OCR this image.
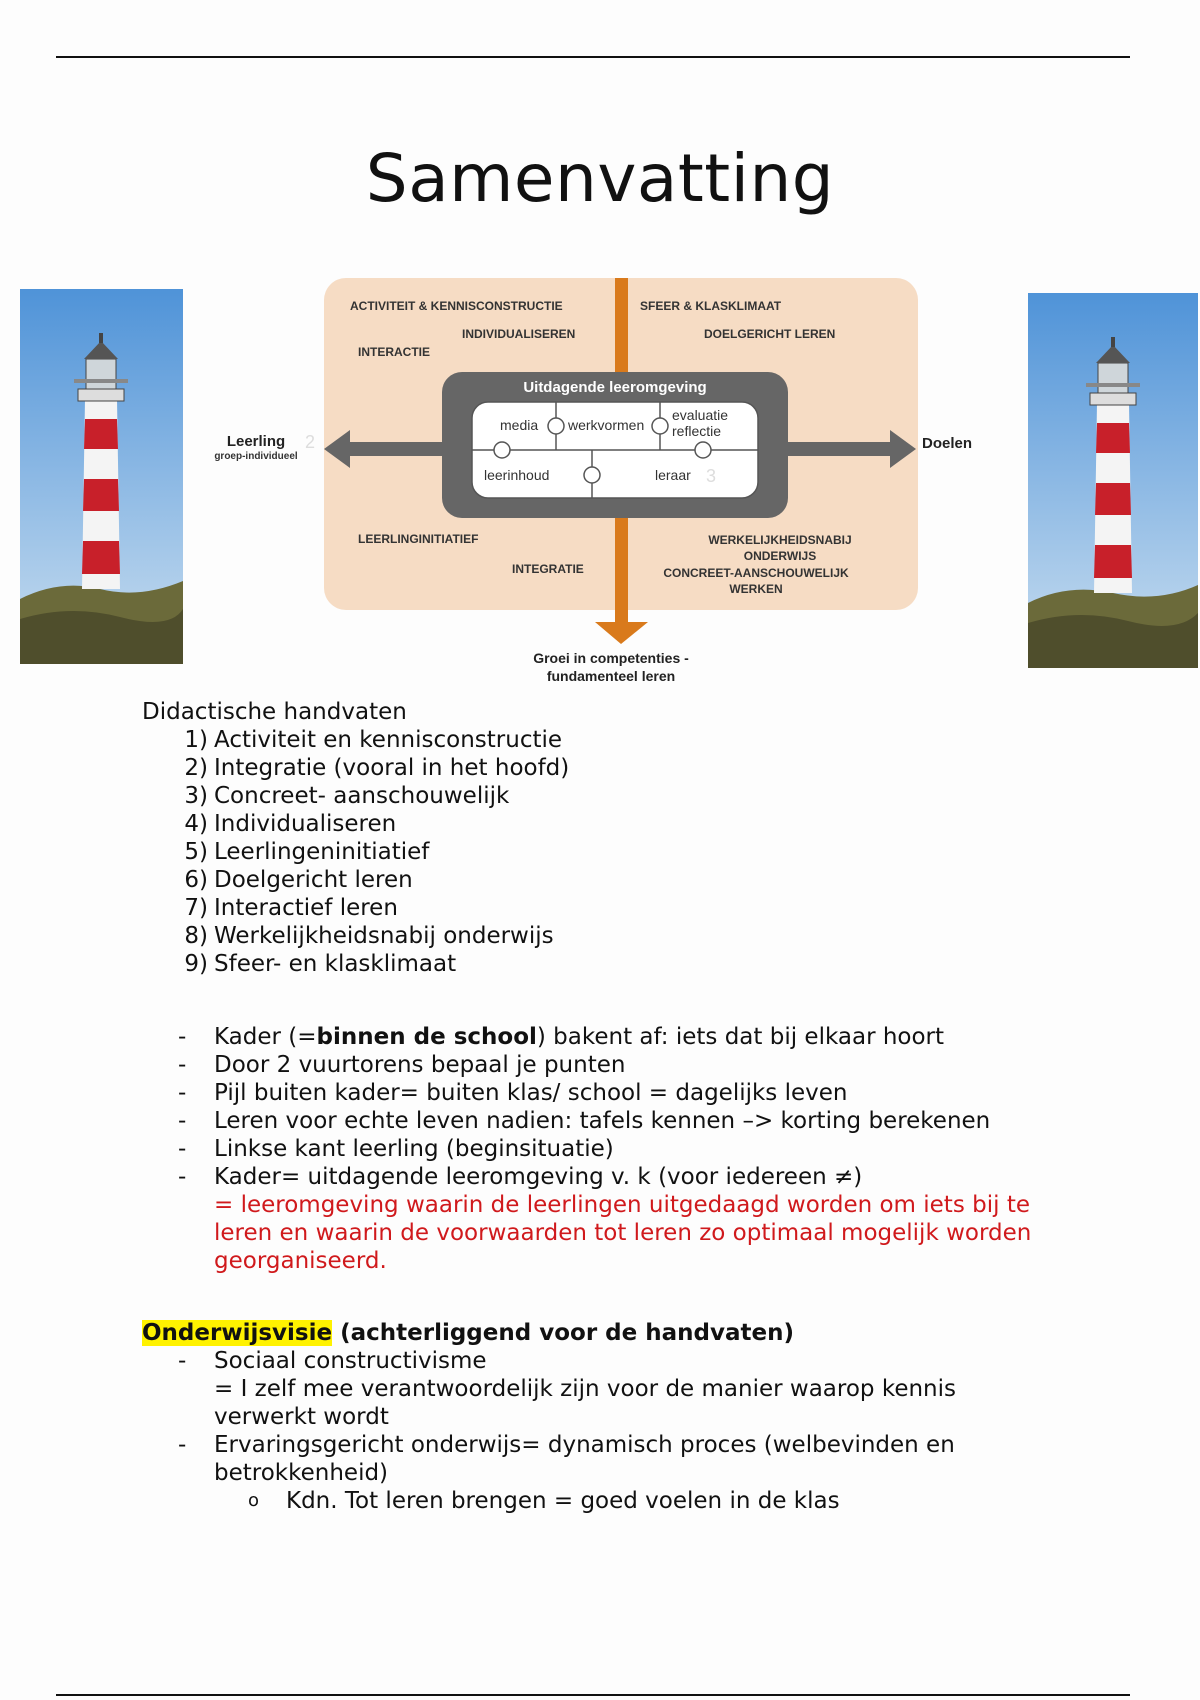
Samenvatting
Uitdagende leeromgeving
media werkvormen
evaluatie
reflectie
leerinhoud	leraar 3
ACTIVITEIT & KENNISCONSTRUCTIE
INDIVIDUALISEREN
INTERACTIE
SFEER & KLASKLIMAAT
DOELGERICHT LEREN
LEERLINGINITIATIEF
INTEGRATIE
WERKELIJKHEIDSNABIJ
ONDERWIJS
CONCREET-AANSCHOUWELIJK
WERKEN
Leerling
groep-individueel
2	Doelen
Groei in competenties -
fundamenteel leren

Didactische handvaten

1) Activiteit en kennisconstructie
2) Integratie (vooral in het hoofd)
3) Concreet- aanschouwelijk
4) Individualiseren
5) Leerlingeninitiatief
6) Doelgericht leren
7) Interactief leren
8) Werkelijkheidsnabij onderwijs
9) Sfeer- en klasklimaat
-	Kader (=binnen de school) bakent af: iets dat bij elkaar hoort
-	Door 2 vuurtorens bepaal je punten
-	Pijl buiten kader= buiten klas/ school = dagelijks leven
-	Leren voor echte leven nadien: tafels kennen –> korting berekenen
-	Linkse kant leerling (beginsituatie)
-	Kader= uitdagende leeromgeving v. k (voor iedereen ≠)
= leeromgeving waarin de leerlingen uitgedaagd worden om iets bij te leren en waarin de voorwaarden tot leren zo optimaal mogelijk worden georganiseerd.

Onderwijsvisie (achterliggend voor de handvaten)

-	Sociaal constructivisme
= I zelf mee verantwoordelijk zijn voor de manier waarop kennis verwerkt wordt
-	Ervaringsgericht onderwijs= dynamisch proces (welbevinden en betrokkenheid)
o	Kdn. Tot leren brengen = goed voelen in de klas
